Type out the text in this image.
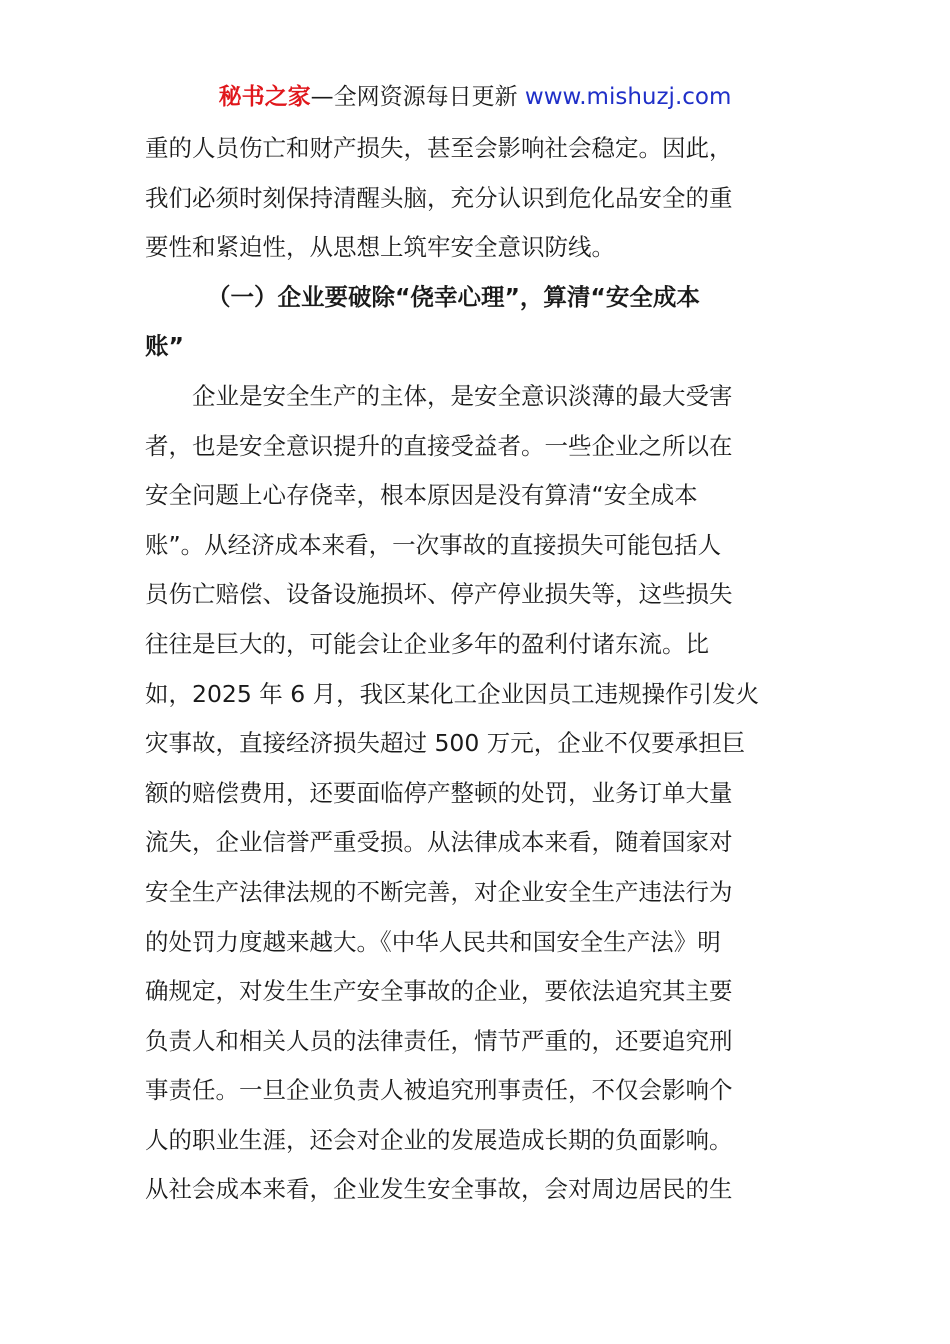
秘书之家—全网资源每日更新 www.mishuzj.com
重的人员伤亡和财产损失，甚至会影响社会稳定。因此，
我们必须时刻保持清醒头脑，充分认识到危化品安全的重
要性和紧迫性，从思想上筑牢安全意识防线。
（一）企业要破除“侥幸心理”，算清“安全成本
账”
企业是安全生产的主体，是安全意识淡薄的最大受害
者，也是安全意识提升的直接受益者。一些企业之所以在
安全问题上心存侥幸，根本原因是没有算清“安全成本
账”。从经济成本来看，一次事故的直接损失可能包括人
员伤亡赔偿、设备设施损坏、停产停业损失等，这些损失
往往是巨大的，可能会让企业多年的盈利付诸东流。比
如，2025 年 6 月，我区某化工企业因员工违规操作引发火
灾事故，直接经济损失超过 500 万元，企业不仅要承担巨
额的赔偿费用，还要面临停产整顿的处罚，业务订单大量
流失，企业信誉严重受损。从法律成本来看，随着国家对
安全生产法律法规的不断完善，对企业安全生产违法行为
的处罚力度越来越大。《中华人民共和国安全生产法》明
确规定，对发生生产安全事故的企业，要依法追究其主要
负责人和相关人员的法律责任，情节严重的，还要追究刑
事责任。一旦企业负责人被追究刑事责任，不仅会影响个
人的职业生涯，还会对企业的发展造成长期的负面影响。
从社会成本来看，企业发生安全事故，会对周边居民的生
